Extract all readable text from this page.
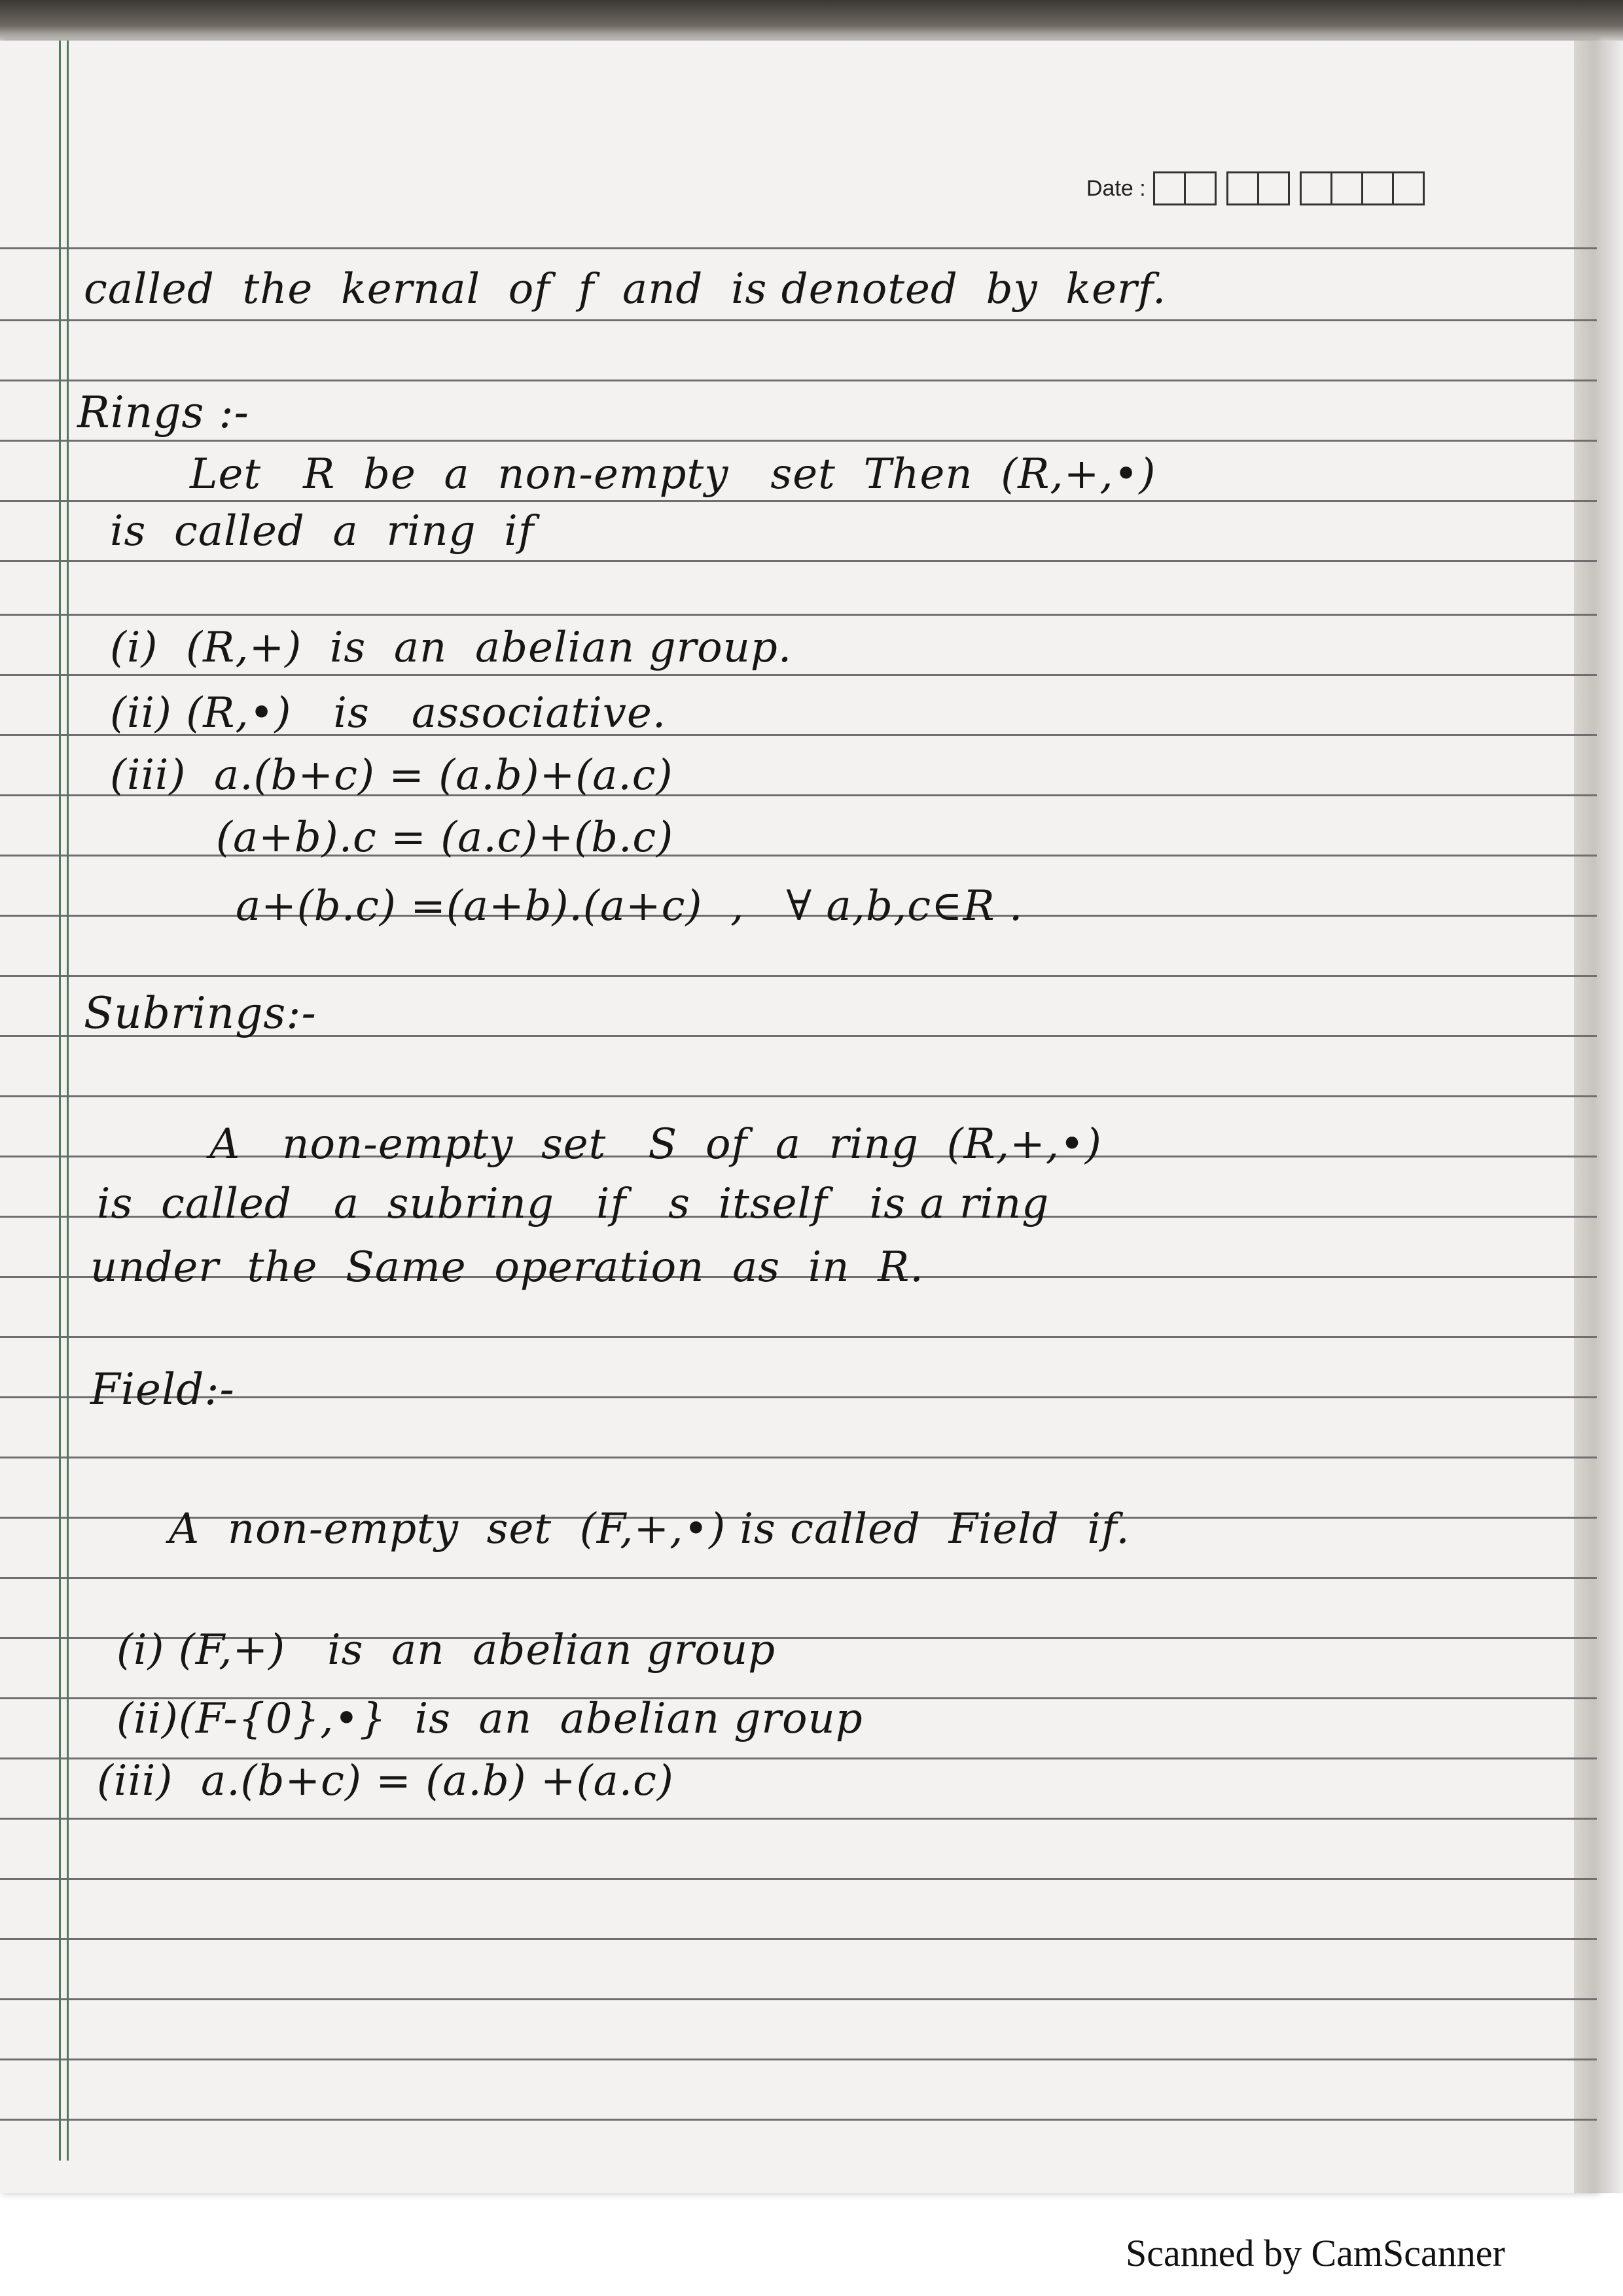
Date :
called  the  kernal  of  f  and  is denoted  by  kerf.
Rings :-
Let   R  be  a  non-empty   set  Then  (R,+,•)
is  called  a  ring  if
(i)  (R,+)  is  an  abelian group.
(ii) (R,•)   is   associative.
(iii)  a.(b+c) = (a.b)+(a.c)
(a+b).c = (a.c)+(b.c)
a+(b.c) =(a+b).(a+c)  ,   ∀ a,b,c∈R .
Subrings:-
A   non-empty  set   S  of  a  ring  (R,+,•)
is  called   a  subring   if   s  itself   is a ring
under  the  Same  operation  as  in  R.
Field:-
A  non-empty  set  (F,+,•) is called  Field  if.
(i) (F,+)   is  an  abelian group
(ii)(F-{0},•}  is  an  abelian group
(iii)  a.(b+c) = (a.b) +(a.c)
Scanned by CamScanner
